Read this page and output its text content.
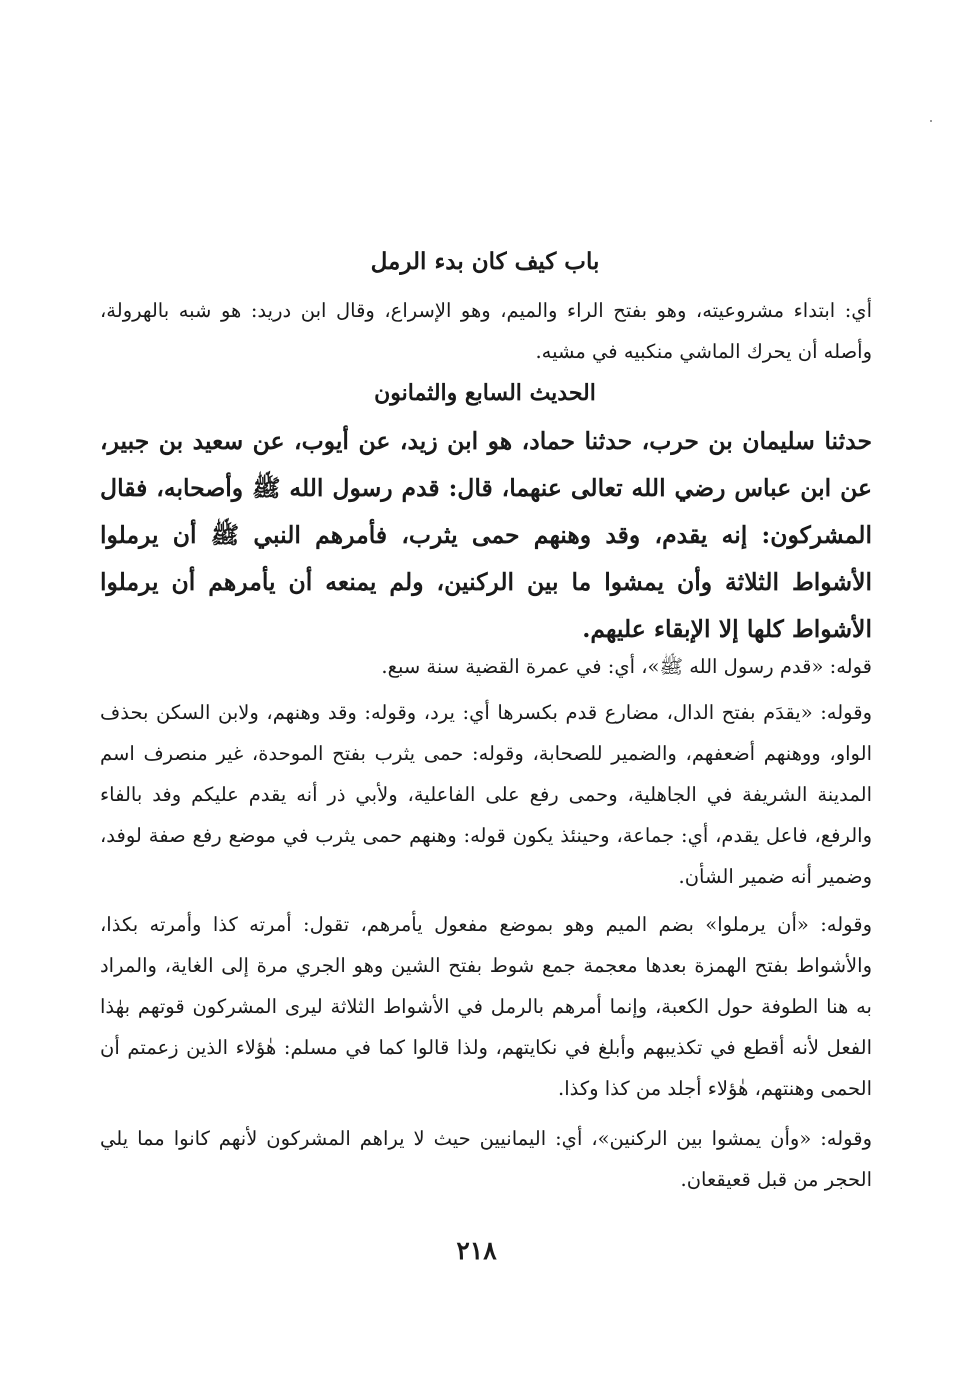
باب كيف كان بدء الرمل

أي: ابتداء مشروعيته، وهو بفتح الراء والميم، وهو الإسراع، وقال ابن دريد: هو شبه بالهرولة، وأصله أن يحرك الماشي منكبيه في مشيه.

الحديث السابع والثمانون

حدثنا سليمان بن حرب، حدثنا حماد، هو ابن زيد، عن أيوب، عن سعيد بن جبير، عن ابن عباس رضي الله تعالى عنهما، قال: قدم رسول الله ﷺ وأصحابه، فقال المشركون: إنه يقدم، وقد وهنهم حمى يثرب، فأمرهم النبي ﷺ أن يرملوا الأشواط الثلاثة وأن يمشوا ما بين الركنين، ولم يمنعه أن يأمرهم أن يرملوا الأشواط كلها إلا الإبقاء عليهم.

قوله: «قدم رسول الله ﷺ»، أي: في عمرة القضية سنة سبع.

وقوله: «يقدَم بفتح الدال، مضارع قدم بكسرها أي: يرد، وقوله: وقد وهنهم، ولابن السكن بحذف الواو، ووهنهم أضعفهم، والضمير للصحابة، وقوله: حمى يثرب بفتح الموحدة، غير منصرف اسم المدينة الشريفة في الجاهلية، وحمى رفع على الفاعلية، ولأبي ذر أنه يقدم عليكم وفد بالفاء والرفع، فاعل يقدم، أي: جماعة، وحينئذ يكون قوله: وهنهم حمى يثرب في موضع رفع صفة لوفد، وضمير أنه ضمير الشأن.

وقوله: «أن يرملوا» بضم الميم وهو بموضع مفعول يأمرهم، تقول: أمرته كذا وأمرته بكذا، والأشواط بفتح الهمزة بعدها معجمة جمع شوط بفتح الشين وهو الجري مرة إلى الغاية، والمراد به هنا الطوفة حول الكعبة، وإنما أمرهم بالرمل في الأشواط الثلاثة ليرى المشركون قوتهم بهٰذا الفعل لأنه أقطع في تكذيبهم وأبلغ في نكايتهم، ولذا قالوا كما في مسلم: هٰؤلاء الذين زعمتم أن الحمى وهنتهم، هٰؤلاء أجلد من كذا وكذا.

وقوله: «وأن يمشوا بين الركنين»، أي: اليمانيين حيث لا يراهم المشركون لأنهم كانوا مما يلي الحجر من قبل قعيقعان.

٢١٨
